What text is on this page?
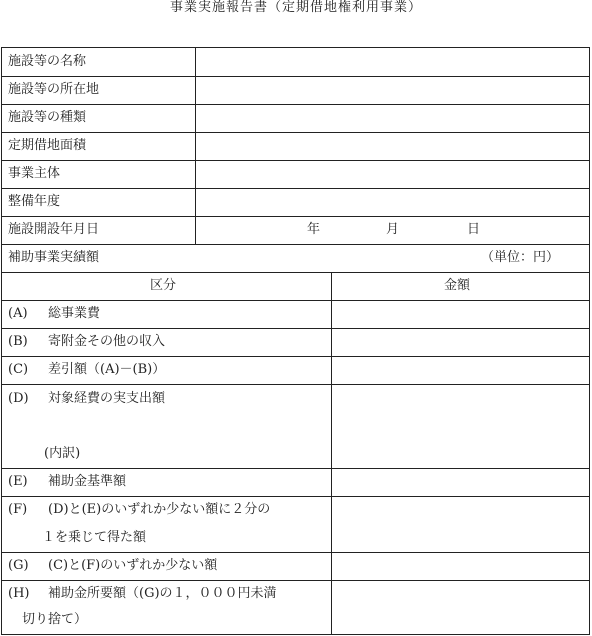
事業実施報告書（定期借地権利用事業）
施設等の名称
施設等の所在地
施設等の種類
定期借地面積
事業主体
整備年度
施設開設年月日	年	月	日
補助事業実績額	（単位：円）
区分	金額
(A) 総事業費
(B) 寄附金その他の収入
(C) 差引額（(A)－(B)）
(D) 対象経費の実支出額
(内訳)
(E) 補助金基準額
(F) (D)と(E)のいずれか少ない額に２分の
１を乗じて得た額
(G) (C)と(F)のいずれか少ない額
(H) 補助金所要額（(G)の１，０００円未満
切り捨て）
